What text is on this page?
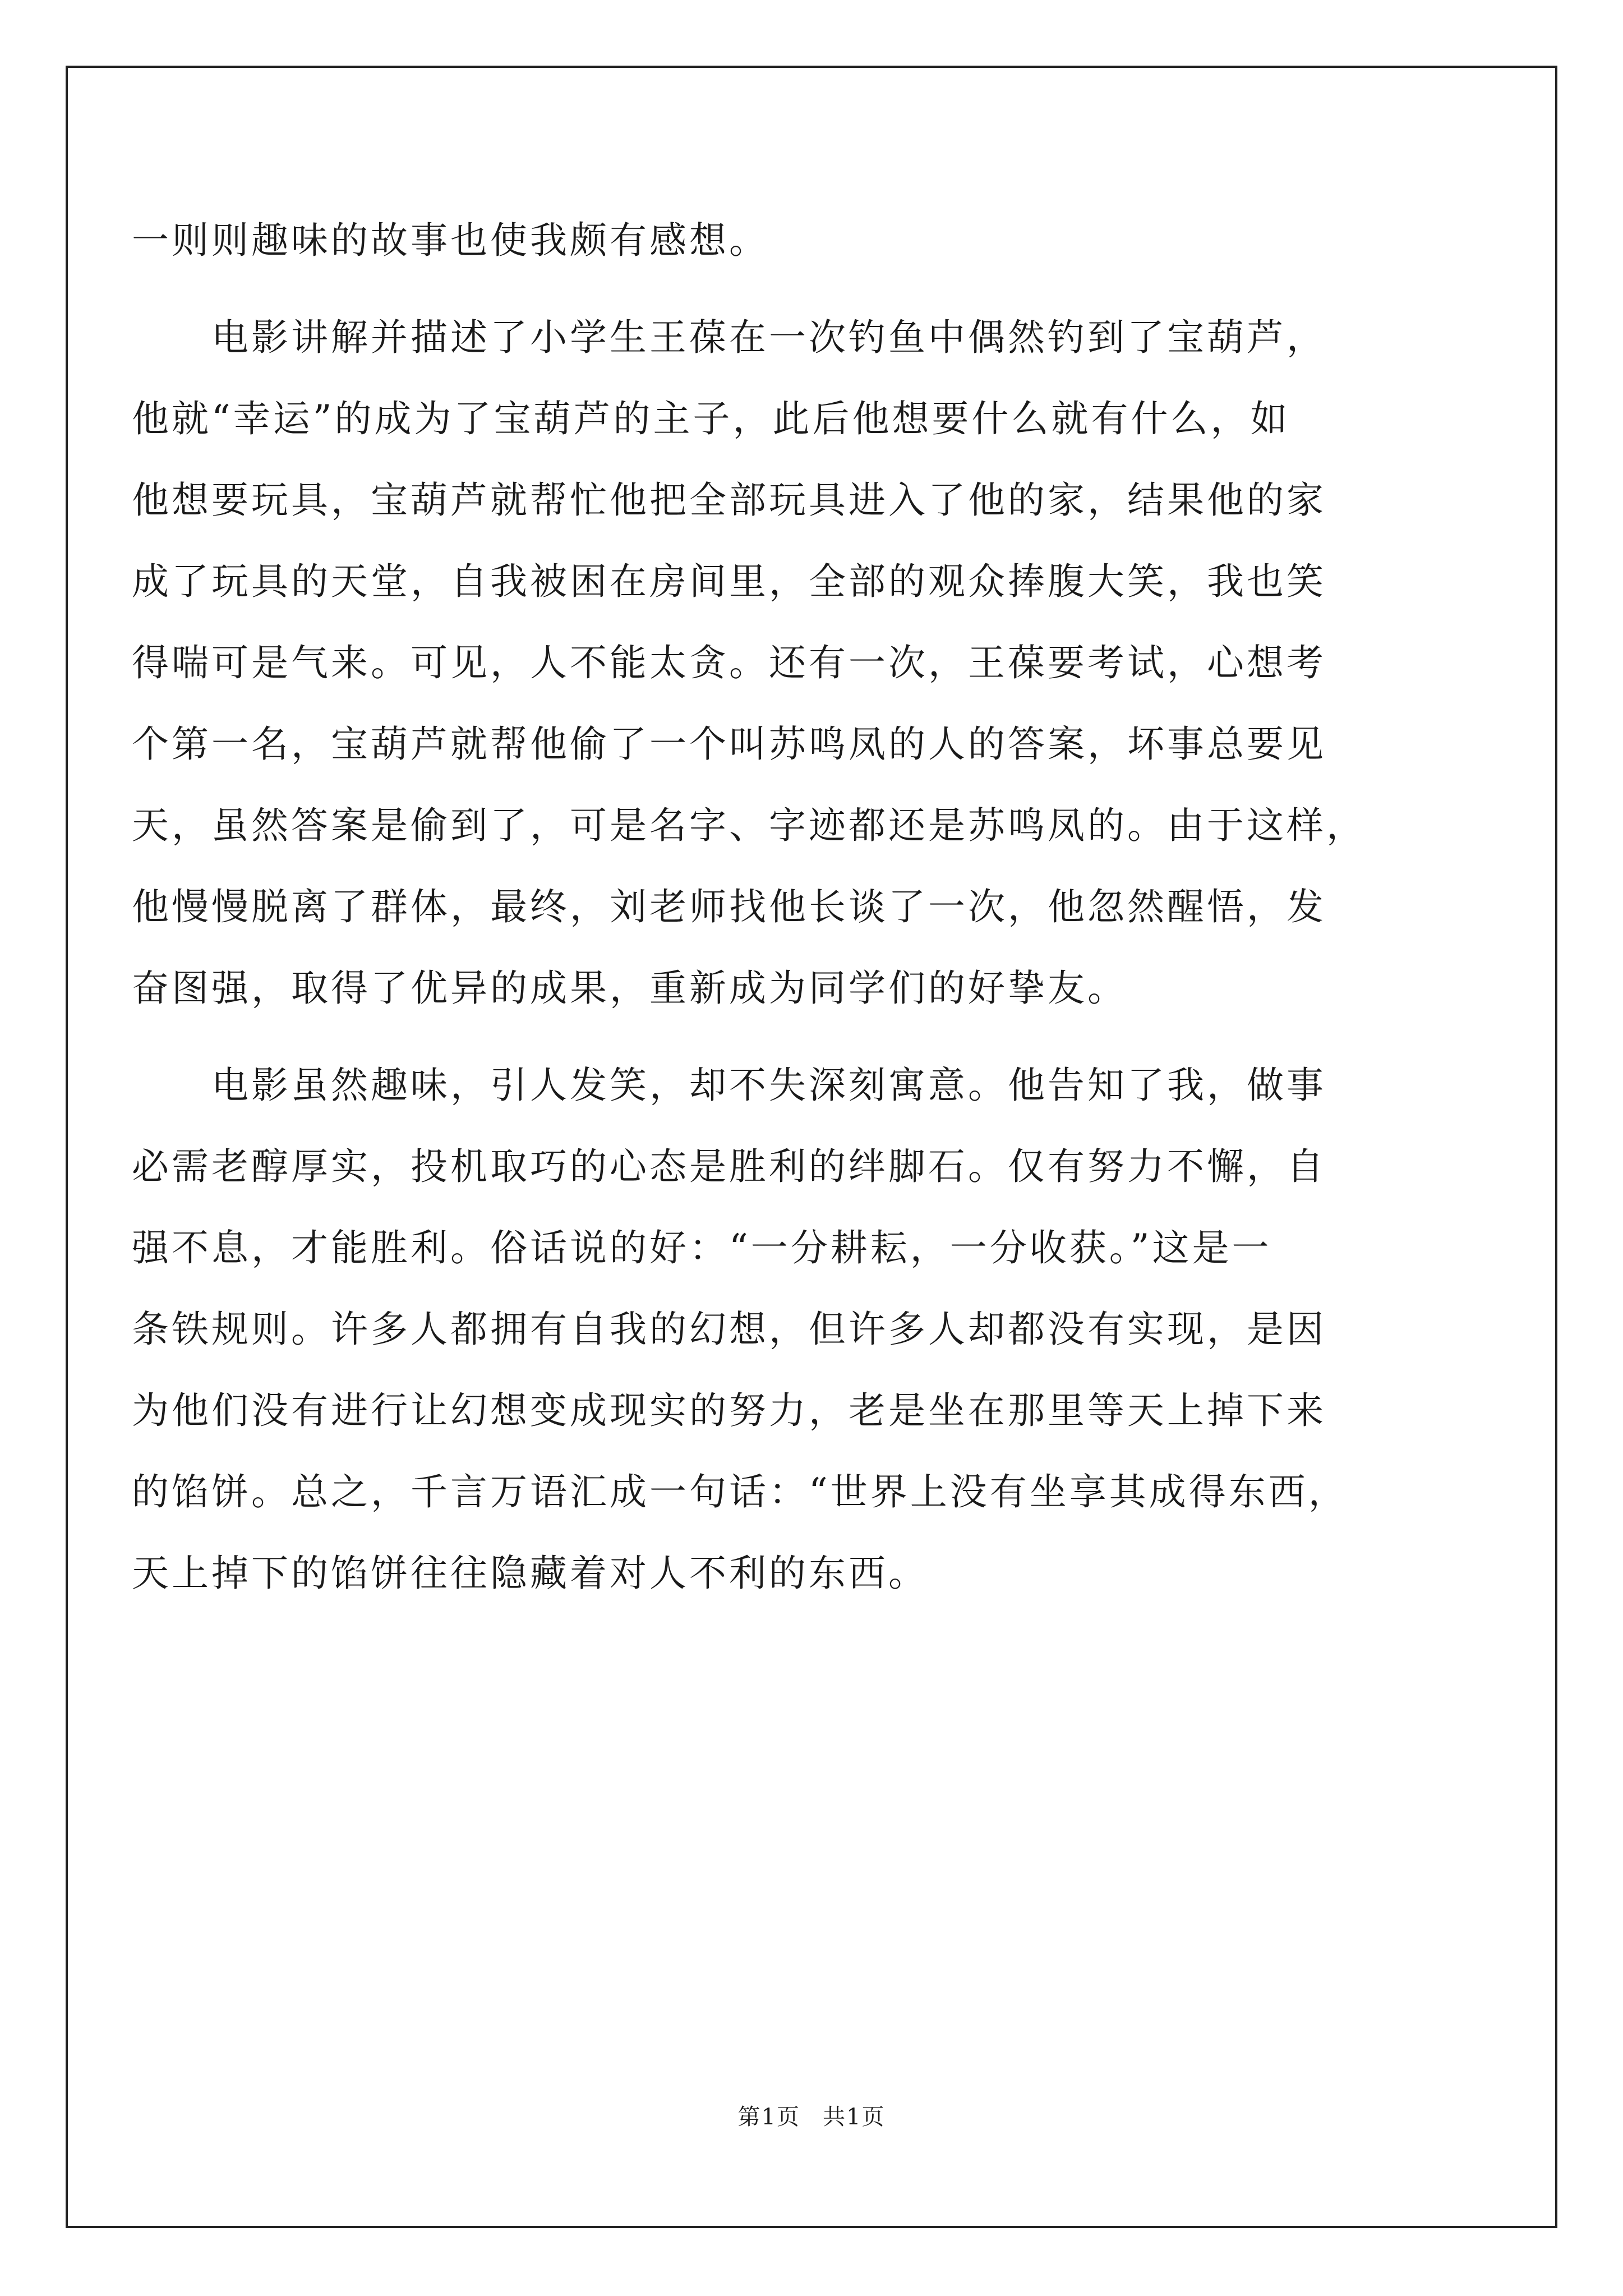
一则则趣味的故事也使我颇有感想。
　　电影讲解并描述了小学生王葆在一次钓鱼中偶然钓到了宝葫芦，
他就“幸运”的成为了宝葫芦的主子，此后他想要什么就有什么，如
他想要玩具，宝葫芦就帮忙他把全部玩具进入了他的家，结果他的家
成了玩具的天堂，自我被困在房间里，全部的观众捧腹大笑，我也笑
得喘可是气来。可见，人不能太贪。还有一次，王葆要考试，心想考
个第一名，宝葫芦就帮他偷了一个叫苏鸣凤的人的答案，坏事总要见
天，虽然答案是偷到了，可是名字、字迹都还是苏鸣凤的。由于这样，
他慢慢脱离了群体，最终，刘老师找他长谈了一次，他忽然醒悟，发
奋图强，取得了优异的成果，重新成为同学们的好挚友。
　　电影虽然趣味，引人发笑，却不失深刻寓意。他告知了我，做事
必需老醇厚实，投机取巧的心态是胜利的绊脚石。仅有努力不懈，自
强不息，才能胜利。俗话说的好：“一分耕耘，一分收获。”这是一
条铁规则。许多人都拥有自我的幻想，但许多人却都没有实现，是因
为他们没有进行让幻想变成现实的努力，老是坐在那里等天上掉下来
的馅饼。总之，千言万语汇成一句话：“世界上没有坐享其成得东西，
天上掉下的馅饼往往隐藏着对人不利的东西。
第1页 共1页
